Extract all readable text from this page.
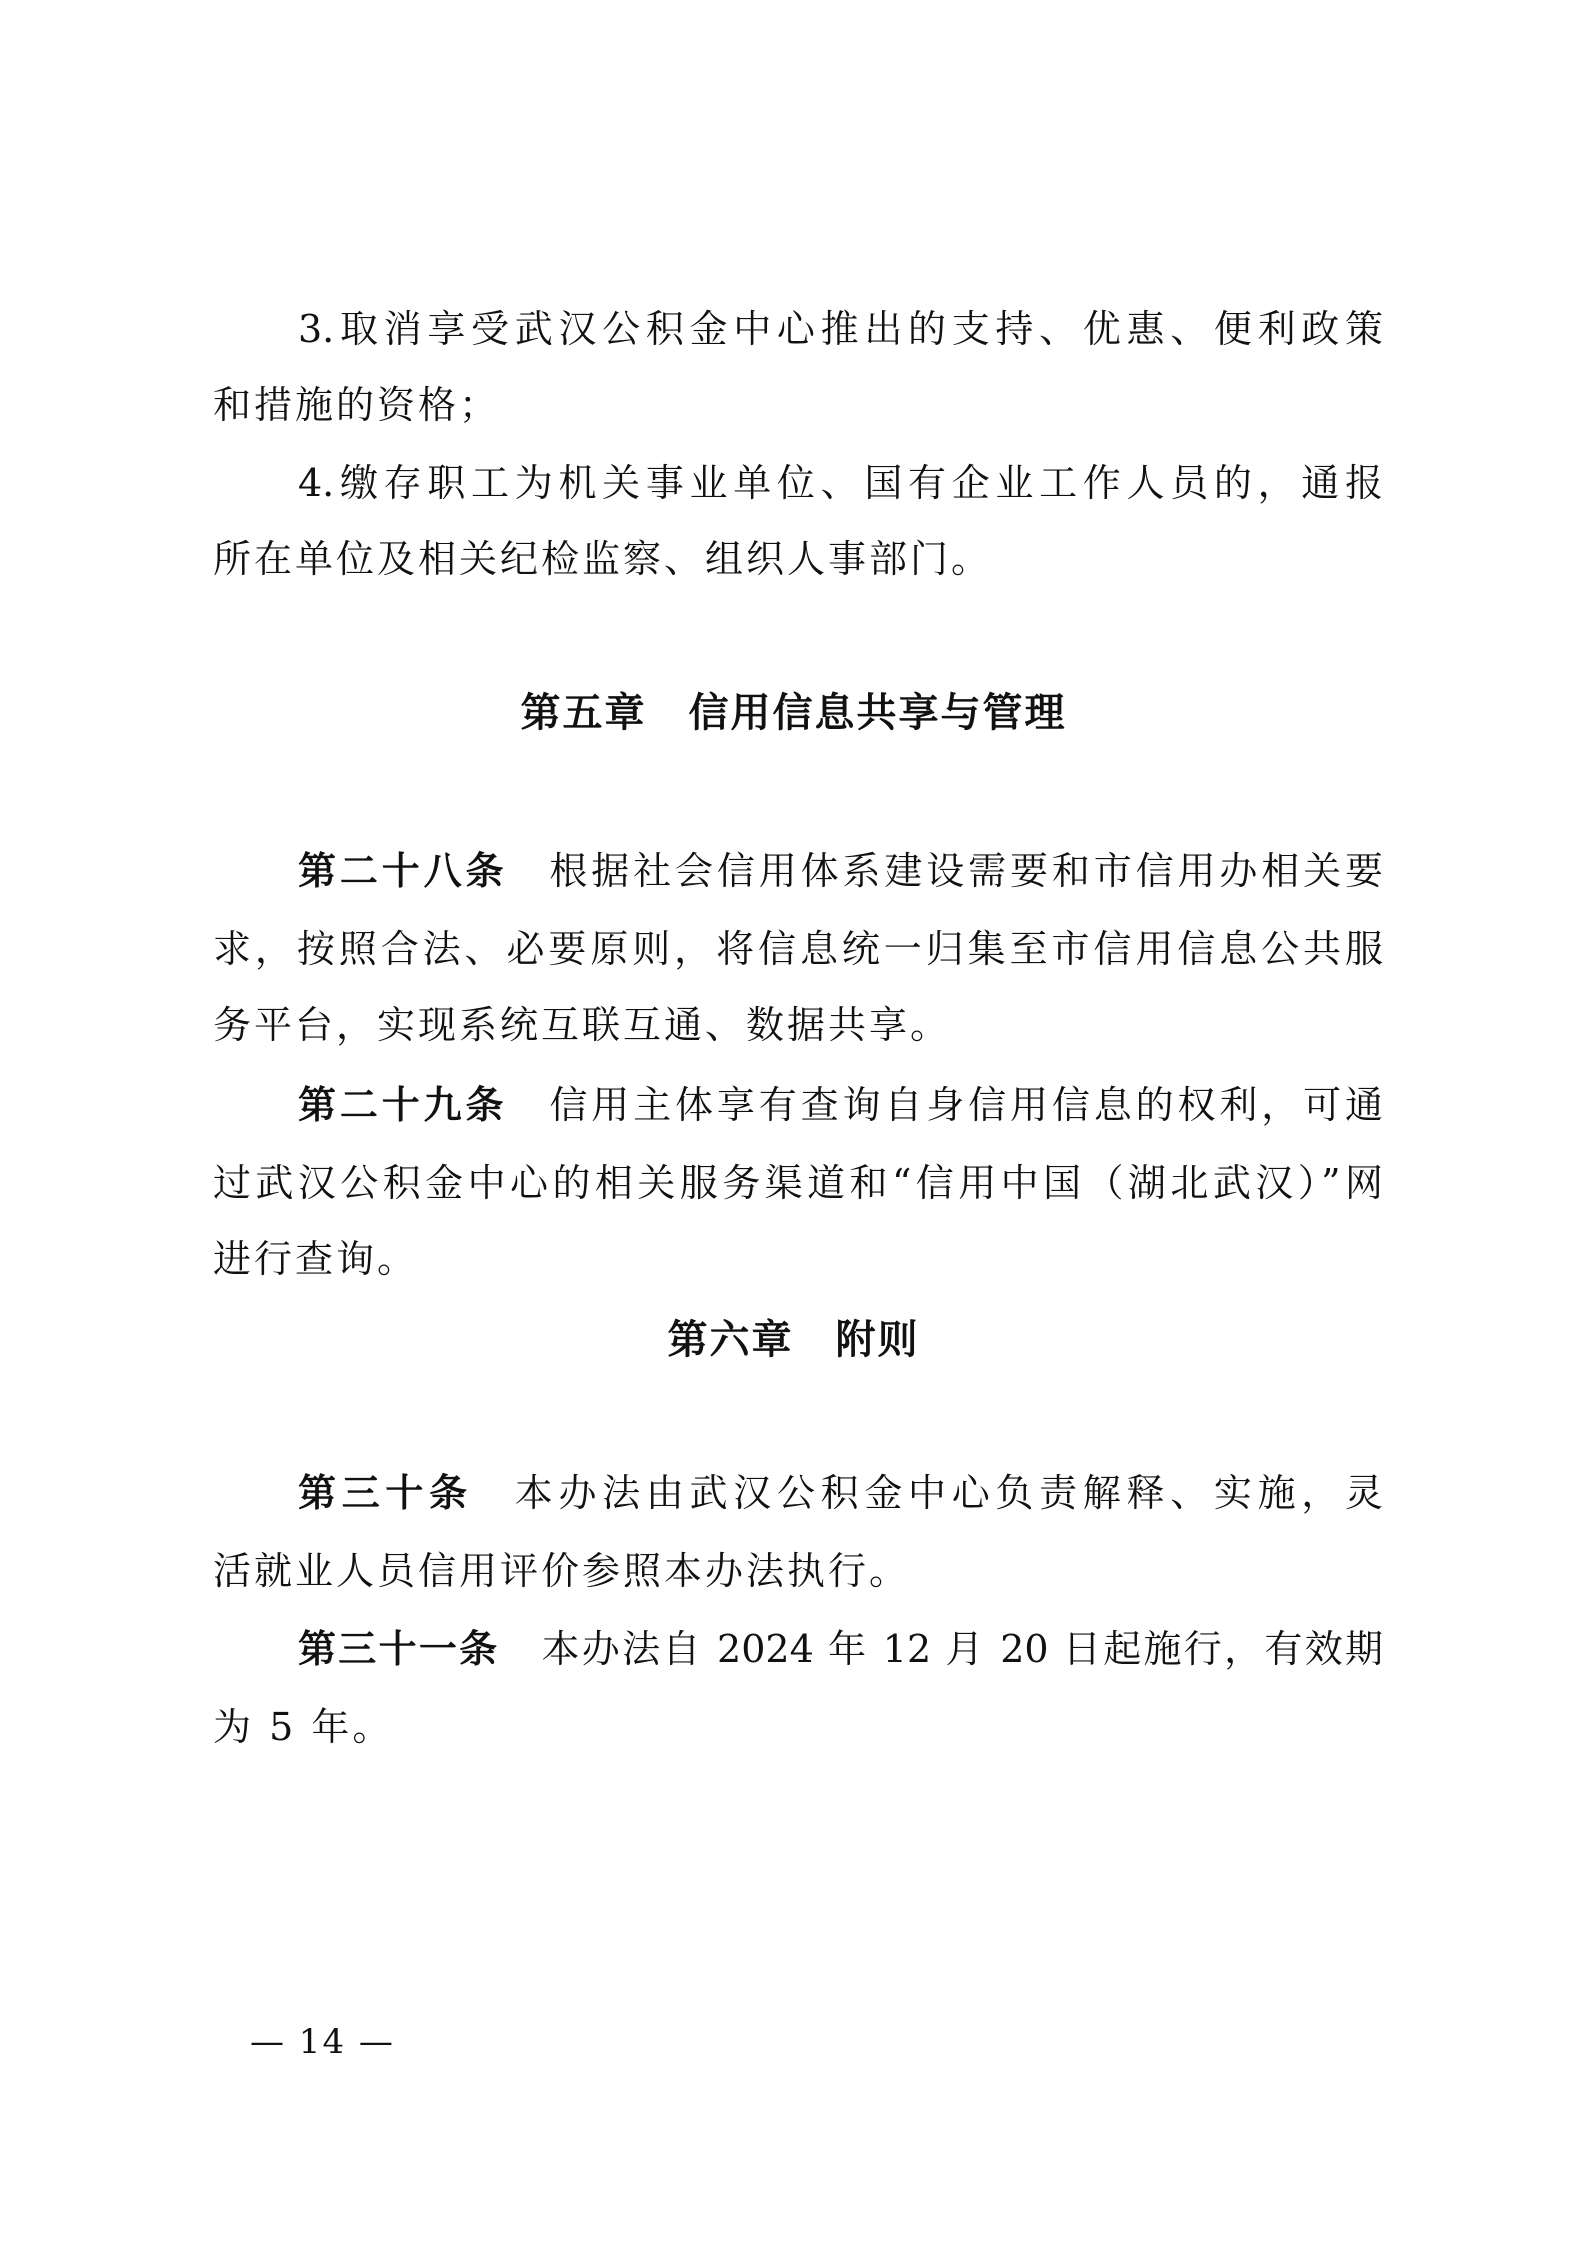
3.取消享受武汉公积金中心推出的支持、优惠、便利政策
和措施的资格；
4.缴存职工为机关事业单位、国有企业工作人员的，通报
所在单位及相关纪检监察、组织人事部门。
第五章　信用信息共享与管理
第二十八条 根据社会信用体系建设需要和市信用办相关要
求，按照合法、必要原则，将信息统一归集至市信用信息公共服
务平台，实现系统互联互通、数据共享。
第二十九条 信用主体享有查询自身信用信息的权利，可通
过武汉公积金中心的相关服务渠道和“信用中国（湖北武汉）”网
进行查询。
第六章　附则
第三十条 本办法由武汉公积金中心负责解释、实施，灵
活就业人员信用评价参照本办法执行。
第三十一条 本办法自 2024 年 12 月 20 日起施行，有效期
为 5 年。
— 14 —
